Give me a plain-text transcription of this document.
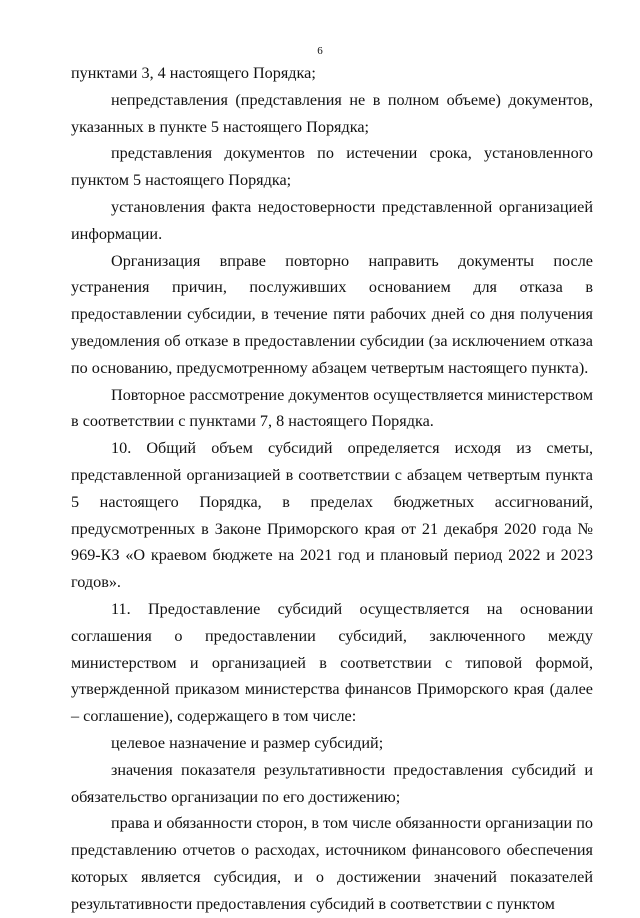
6

пунктами 3, 4 настоящего Порядка;

непредставления (представления не в полном объеме) документов, указанных в пункте 5 настоящего Порядка;

представления документов по истечении срока, установленного пунктом 5 настоящего Порядка;

установления факта недостоверности представленной организацией информации.

Организация вправе повторно направить документы после устранения причин, послуживших основанием для отказа в предоставлении субсидии, в течение пяти рабочих дней со дня получения уведомления об отказе в предоставлении субсидии (за исключением отказа по основанию, предусмотренному абзацем четвертым настоящего пункта).

Повторное рассмотрение документов осуществляется министерством в соответствии с пунктами 7, 8 настоящего Порядка.

10. Общий объем субсидий определяется исходя из сметы, представленной организацией в соответствии с абзацем четвертым пункта 5 настоящего Порядка, в пределах бюджетных ассигнований, предусмотренных в Законе Приморского края от 21 декабря 2020 года № 969-КЗ «О краевом бюджете на 2021 год и плановый период 2022 и 2023 годов».

11. Предоставление субсидий осуществляется на основании соглашения о предоставлении субсидий, заключенного между министерством и организацией в соответствии с типовой формой, утвержденной приказом министерства финансов Приморского края (далее – соглашение), содержащего в том числе:

целевое назначение и размер субсидий;

значения показателя результативности предоставления субсидий и обязательство организации по его достижению;

права и обязанности сторон, в том числе обязанности организации по представлению отчетов о расходах, источником финансового обеспечения которых является субсидия, и о достижении значений показателей результативности предоставления субсидий в соответствии с пунктом
